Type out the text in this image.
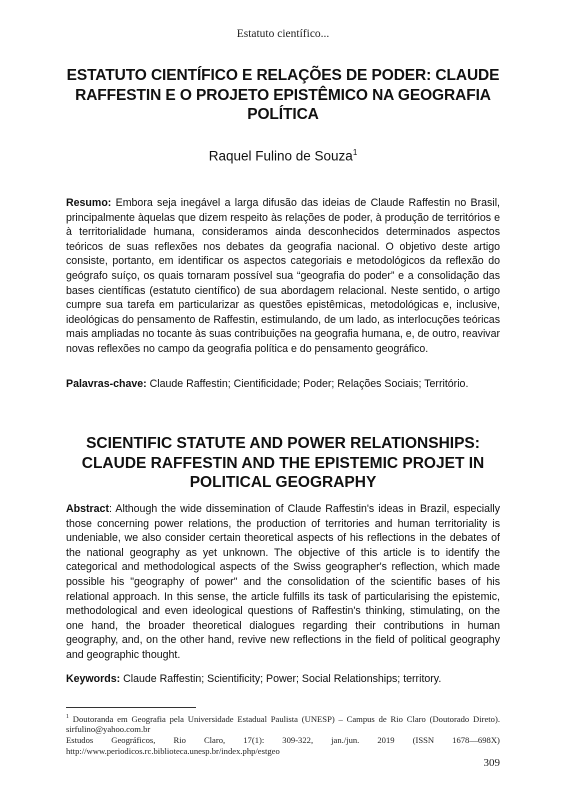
Estatuto científico...
ESTATUTO CIENTÍFICO E RELAÇÕES DE PODER: CLAUDE RAFFESTIN E O PROJETO EPISTÊMICO NA GEOGRAFIA POLÍTICA
Raquel Fulino de Souza$^1$

Resumo: Embora seja inegável a larga difusão das ideias de Claude Raffestin no Brasil, principalmente àquelas que dizem respeito às relações de poder, à produção de territórios e à territorialidade humana, consideramos ainda desconhecidos determinados aspectos teóricos de suas reflexões nos debates da geografia nacional. O objetivo deste artigo consiste, portanto, em identificar os aspectos categoriais e metodológicos da reflexão do geógrafo suíço, os quais tornaram possível sua “geografia do poder” e a consolidação das bases científicas (estatuto científico) de sua abordagem relacional. Neste sentido, o artigo cumpre sua tarefa em particularizar as questões epistêmicas, metodológicas e, inclusive, ideológicas do pensamento de Raffestin, estimulando, de um lado, as interlocuções teóricas mais ampliadas no tocante às suas contribuições na geografia humana, e, de outro, reavivar novas reflexões no campo da geografia política e do pensamento geográfico.

Palavras-chave: Claude Raffestin; Cientificidade; Poder; Relações Sociais; Território.

SCIENTIFIC STATUTE AND POWER RELATIONSHIPS: CLAUDE RAFFESTIN AND THE EPISTEMIC PROJET IN POLITICAL GEOGRAPHY

Abstract: Although the wide dissemination of Claude Raffestin's ideas in Brazil, especially those concerning power relations, the production of territories and human territoriality is undeniable, we also consider certain theoretical aspects of his reflections in the debates of the national geography as yet unknown. The objective of this article is to identify the categorical and methodological aspects of the Swiss geographer's reflection, which made possible his "geography of power" and the consolidation of the scientific bases of his relational approach. In this sense, the article fulfills its task of particularising the epistemic, methodological and even ideological questions of Raffestin's thinking, stimulating, on the one hand, the broader theoretical dialogues regarding their contributions in human geography, and, on the other hand, revive new reflections in the field of political geography and geographic thought.

Keywords: Claude Raffestin; Scientificity; Power; Social Relationships; territory.

$^1$ Doutoranda em Geografia pela Universidade Estadual Paulista (UNESP) – Campus de Rio Claro (Doutorado Direto). sirfulino@yahoo.com.br
Estudos Geográficos, Rio Claro, 17(1): 309-322, jan./jun. 2019 (ISSN 1678—698X)
http://www.periodicos.rc.biblioteca.unesp.br/index.php/estgeo
309
